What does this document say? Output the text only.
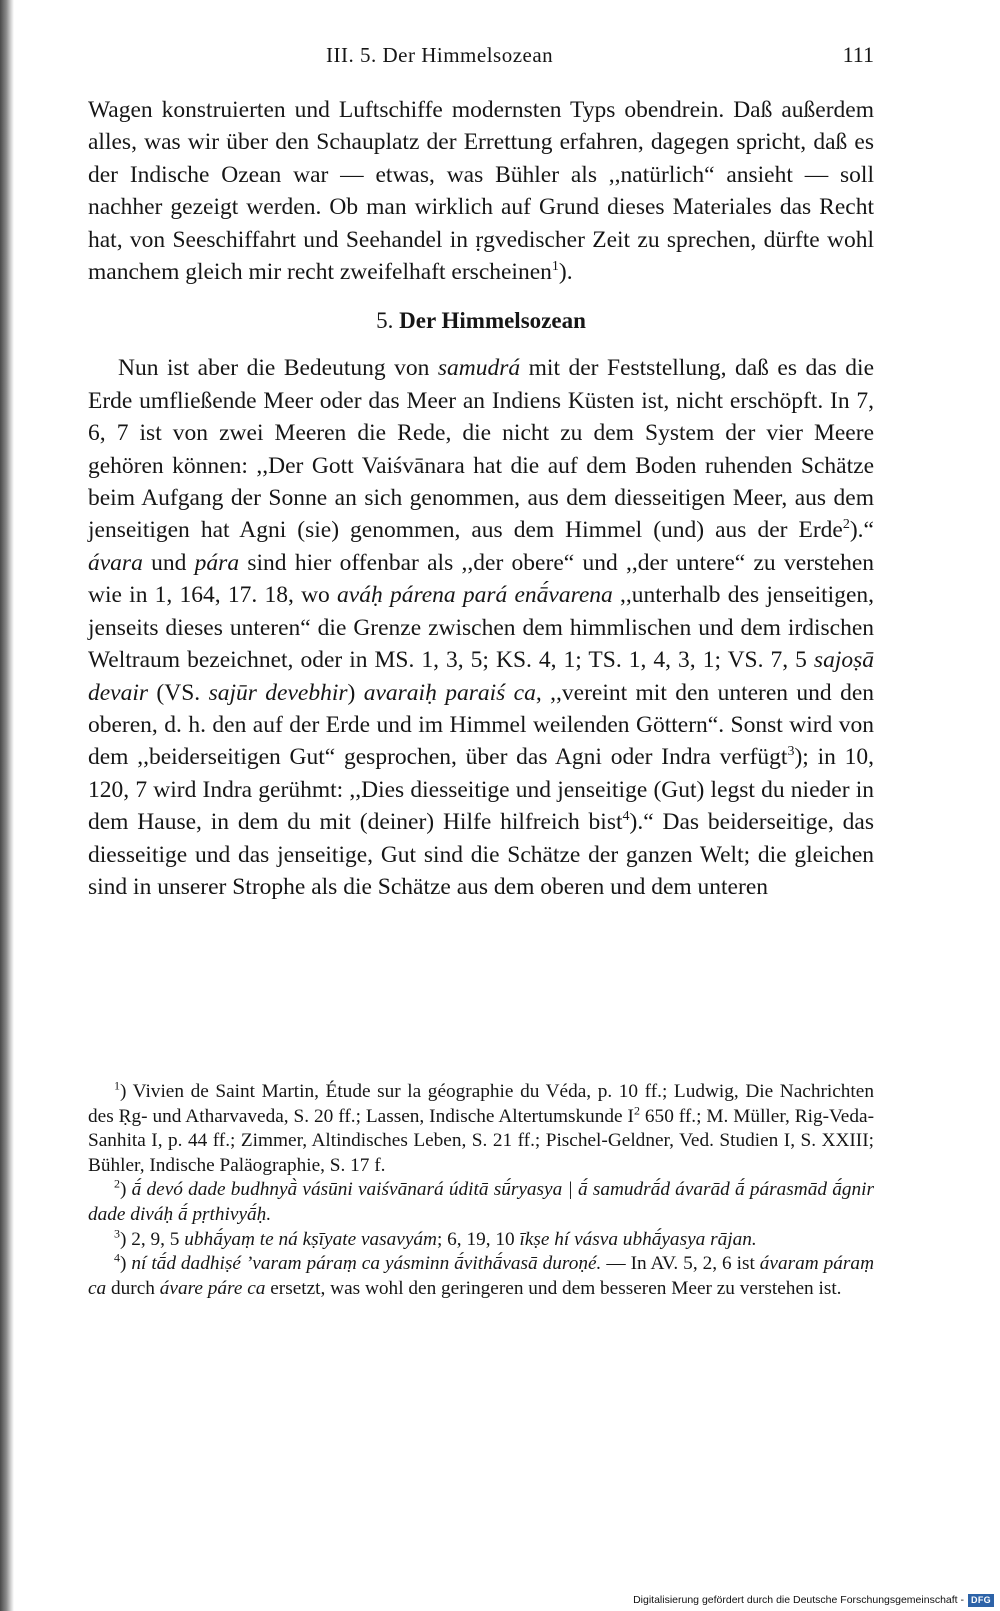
III. 5. Der Himmelsozean	111

Wagen konstruierten und Luftschiffe modernsten Typs obendrein. Daß außerdem alles, was wir über den Schauplatz der Errettung erfahren, dagegen spricht, daß es der Indische Ozean war — etwas, was Bühler als ,,natürlich“ ansieht — soll nachher gezeigt werden. Ob man wirklich auf Grund dieses Materiales das Recht hat, von Seeschiffahrt und Seehandel in ṛgvedischer Zeit zu sprechen, dürfte wohl manchem gleich mir recht zweifelhaft erscheinen$^1$).

5. Der Himmelsozean

Nun ist aber die Bedeutung von samudrá mit der Feststellung, daß es das die Erde umfließende Meer oder das Meer an Indiens Küsten ist, nicht erschöpft. In 7, 6, 7 ist von zwei Meeren die Rede, die nicht zu dem System der vier Meere gehören können: ,,Der Gott Vaiśvānara hat die auf dem Boden ruhenden Schätze beim Aufgang der Sonne an sich genommen, aus dem diesseitigen Meer, aus dem jenseitigen hat Agni (sie) genommen, aus dem Himmel (und) aus der Erde$^2$).“ ávara und pára sind hier offenbar als ,,der obere“ und ,,der untere“ zu verstehen wie in 1, 164, 17. 18, wo aváḥ párena pará enā́varena ,,unterhalb des jenseitigen, jenseits dieses unteren“ die Grenze zwischen dem himmlischen und dem irdischen Weltraum bezeichnet, oder in MS. 1, 3, 5; KS. 4, 1; TS. 1, 4, 3, 1; VS. 7, 5 sajoṣā devair (VS. sajūr devebhir) avaraiḥ paraiś ca, ,,vereint mit den unteren und den oberen, d. h. den auf der Erde und im Himmel weilenden Göttern“. Sonst wird von dem ,,beiderseitigen Gut“ gesprochen, über das Agni oder Indra verfügt$^3$); in 10, 120, 7 wird Indra gerühmt: ,,Dies diesseitige und jenseitige (Gut) legst du nieder in dem Hause, in dem du mit (deiner) Hilfe hilfreich bist$^4$).“ Das beiderseitige, das diesseitige und das jenseitige, Gut sind die Schätze der ganzen Welt; die gleichen sind in unserer Strophe als die Schätze aus dem oberen und dem unteren

$^1$) Vivien de Saint Martin, Étude sur la géographie du Véda, p. 10 ff.; Ludwig, Die Nachrichten des Ṛg- und Atharvaveda, S. 20 ff.; Lassen, Indische Altertumskunde $I^2$ 650 ff.; M. Müller, Rig-Veda-Sanhita I, p. 44 ff.; Zimmer, Altindisches Leben, S. 21 ff.; Pischel-Geldner, Ved. Studien I, S. XXIII; Bühler, Indische Paläographie, S. 17 f.

$^2$) ā́ devó dade budhnyā̀ vásūni vaiśvānará úditā sū́ryasya | ā́ samudrā́d ávarād ā́ párasmād ā́gnir dade diváḥ ā́ pṛthivyā́ḥ.

$^3$) 2, 9, 5 ubhā́yaṃ te ná kṣīyate vasavyám; 6, 19, 10 īkṣe hí vásva ubhā́yasya rājan.

$^4$) ní tā́d dadhiṣé ’varam páraṃ ca yásminn ā́vithā́vasā duroṇé. — In AV. 5, 2, 6 ist ávaram páraṃ ca durch ávare páre ca ersetzt, was wohl den geringeren und dem besseren Meer zu verstehen ist.

Digitalisierung gefördert durch die Deutsche Forschungsgemeinschaft - DFG
